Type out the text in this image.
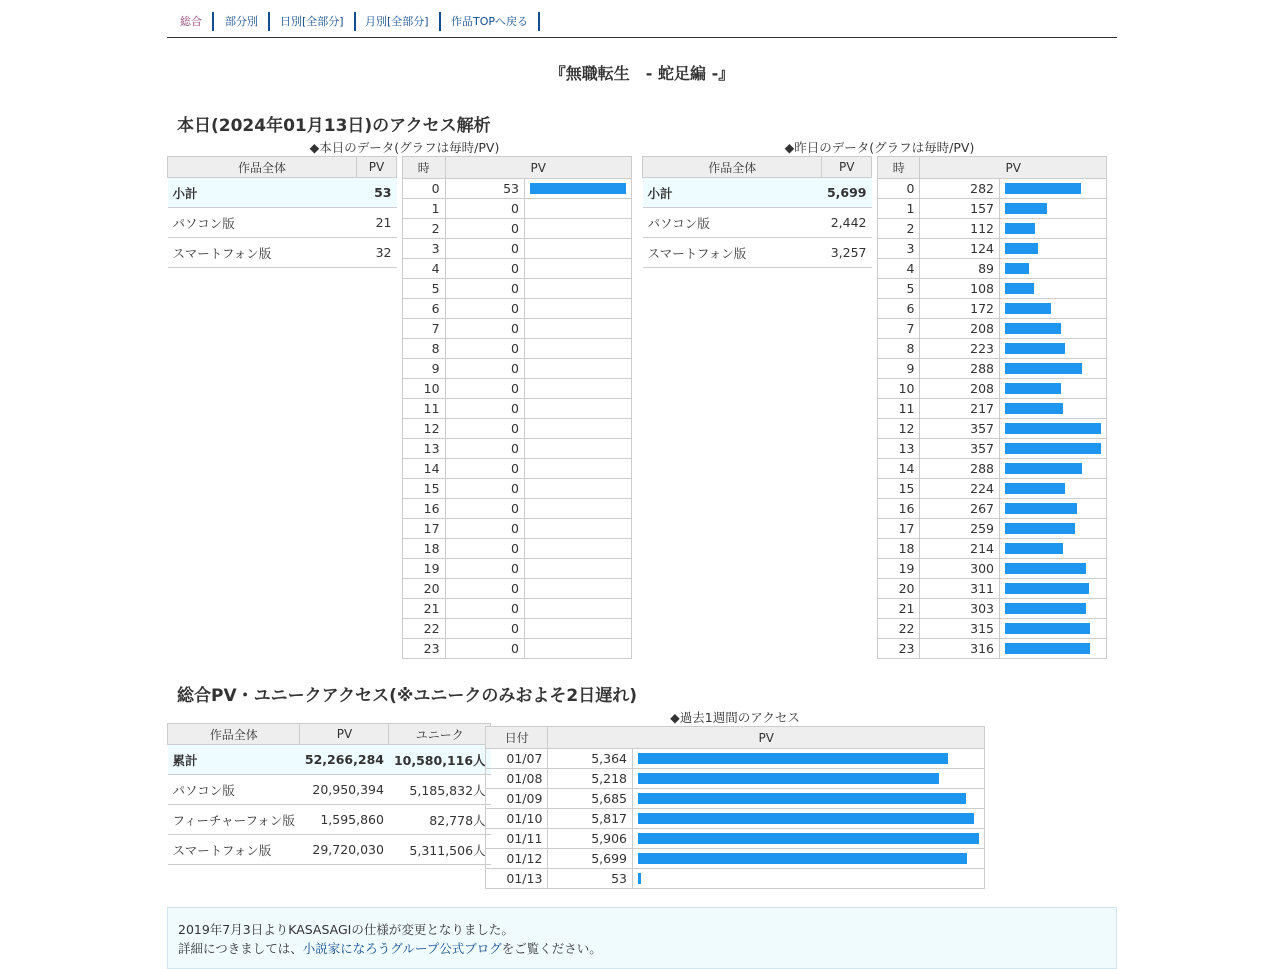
総合	部分別	日別[全部分]	月別[全部分]	作品TOPへ戻る
『無職転生　- 蛇足編 -』
本日(2024年01月13日)のアクセス解析
◆本日のデータ(グラフは毎時/PV)	◆昨日のデータ(グラフは毎時/PV)
作品全体	PV
小計	53
パソコン版	21
スマートフォン版	32
時	PV	
0	53	

1	0	
2	0	
3	0	
4	0	
5	0	
6	0	
7	0	
8	0	
9	0	
10	0	
11	0	
12	0	
13	0	
14	0	
15	0	
16	0	
17	0	
18	0	
19	0	
20	0	
21	0	
22	0	
23	0	
作品全体	PV
小計	5,699
パソコン版	2,442
スマートフォン版	3,257
時	PV	
0	282	

1	157	

2	112	

3	124	

4	89	

5	108	

6	172	

7	208	

8	223	

9	288	

10	208	

11	217	

12	357	

13	357	

14	288	

15	224	

16	267	

17	259	

18	214	

19	300	

20	311	

21	303	

22	315	

23	316	
総合PV・ユニークアクセス(※ユニークのみおよそ2日遅れ)
作品全体	PV	ユニーク
累計	52,266,284	10,580,116人
パソコン版	20,950,394	5,185,832人
フィーチャーフォン版	1,595,860	82,778人
スマートフォン版	29,720,030	5,311,506人
◆過去1週間のアクセス
日付	PV	
01/07	5,364	

01/08	5,218	

01/09	5,685	

01/10	5,817	

01/11	5,906	

01/12	5,699	

01/13	53	

2019年7月3日よりKASASAGIの仕様が変更となりました。

詳細につきましては、小説家になろうグループ公式ブログをご覧ください。
